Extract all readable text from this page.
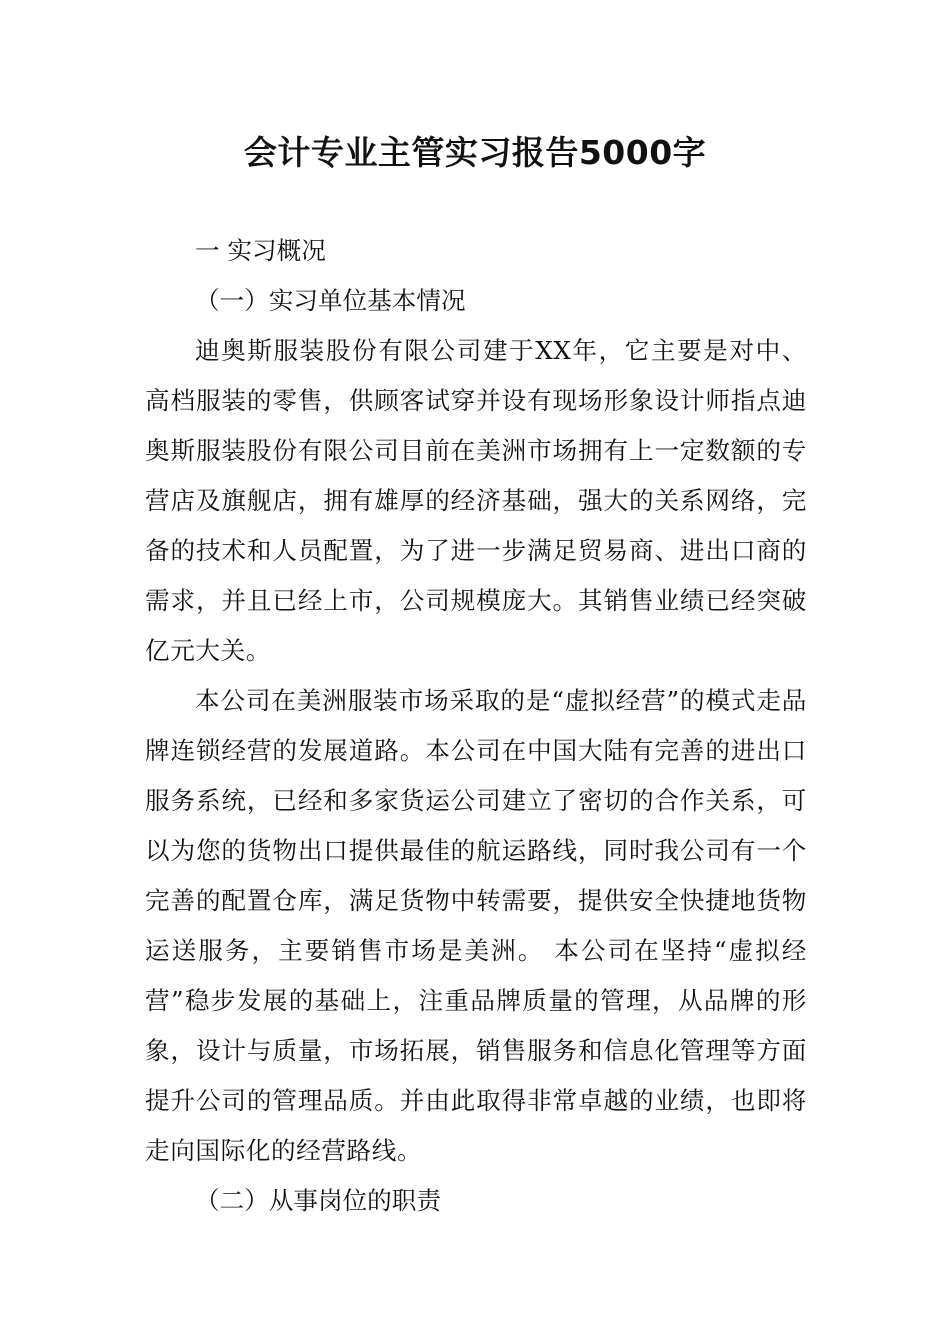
会计专业主管实习报告5000字

一 实习概况

（一）实习单位基本情况

迪奥斯服装股份有限公司建于XX年，它主要是对中、高档服装的零售，供顾客试穿并设有现场形象设计师指点迪奥斯服装股份有限公司目前在美洲市场拥有上一定数额的专营店及旗舰店，拥有雄厚的经济基础，强大的关系网络，完备的技术和人员配置，为了进一步满足贸易商、进出口商的需求，并且已经上市，公司规模庞大。其销售业绩已经突破亿元大关。

本公司在美洲服装市场采取的是“虚拟经营”的模式走品牌连锁经营的发展道路。本公司在中国大陆有完善的进出口服务系统，已经和多家货运公司建立了密切的合作关系，可以为您的货物出口提供最佳的航运路线，同时我公司有一个完善的配置仓库，满足货物中转需要，提供安全快捷地货物运送服务，主要销售市场是美洲。 本公司在坚持“虚拟经营”稳步发展的基础上，注重品牌质量的管理，从品牌的形象，设计与质量，市场拓展，销售服务和信息化管理等方面提升公司的管理品质。并由此取得非常卓越的业绩，也即将走向国际化的经营路线。

（二）从事岗位的职责
